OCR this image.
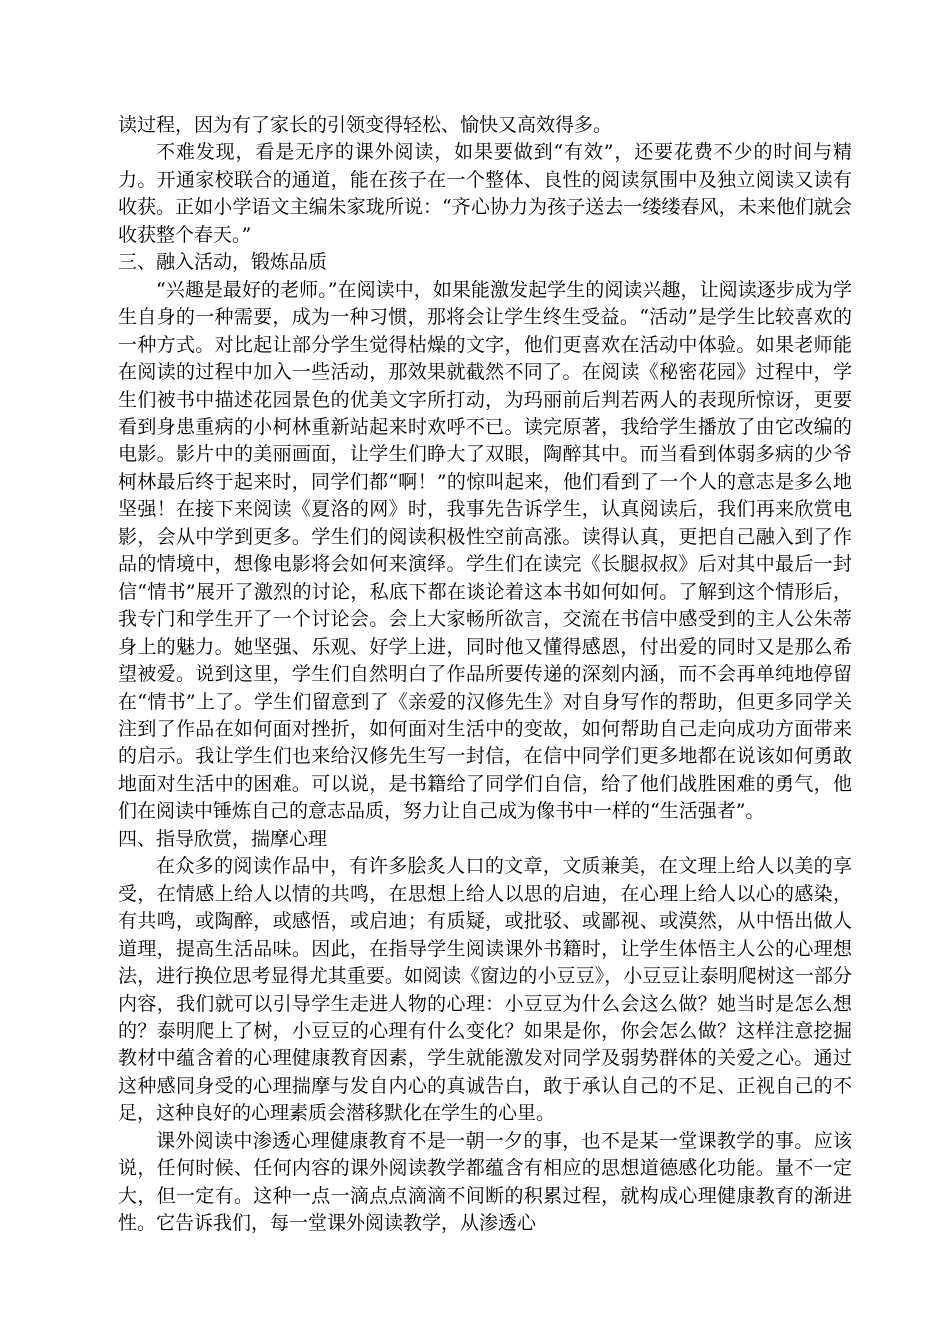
读过程，因为有了家长的引领变得轻松、愉快又高效得多。

不难发现，看是无序的课外阅读，如果要做到“有效”，还要花费不少的时间与精力。开通家校联合的通道，能在孩子在一个整体、良性的阅读氛围中及独立阅读又读有收获。正如小学语文主编朱家珑所说：“齐心协力为孩子送去一缕缕春风，未来他们就会收获整个春天。”

三、融入活动，锻炼品质

“兴趣是最好的老师。”在阅读中，如果能激发起学生的阅读兴趣，让阅读逐步成为学生自身的一种需要，成为一种习惯，那将会让学生终生受益。“活动”是学生比较喜欢的一种方式。对比起让部分学生觉得枯燥的文字，他们更喜欢在活动中体验。如果老师能在阅读的过程中加入一些活动，那效果就截然不同了。在阅读《秘密花园》过程中，学生们被书中描述花园景色的优美文字所打动，为玛丽前后判若两人的表现所惊讶，更要看到身患重病的小柯林重新站起来时欢呼不已。读完原著，我给学生播放了由它改编的电影。影片中的美丽画面，让学生们睁大了双眼，陶醉其中。而当看到体弱多病的少爷柯林最后终于起来时，同学们都“啊！”的惊叫起来，他们看到了一个人的意志是多么地坚强！在接下来阅读《夏洛的网》时，我事先告诉学生，认真阅读后，我们再来欣赏电影，会从中学到更多。学生们的阅读积极性空前高涨。读得认真，更把自己融入到了作品的情境中，想像电影将会如何来演绎。学生们在读完《长腿叔叔》后对其中最后一封信“情书”展开了激烈的讨论，私底下都在谈论着这本书如何如何。了解到这个情形后，我专门和学生开了一个讨论会。会上大家畅所欲言，交流在书信中感受到的主人公朱蒂身上的魅力。她坚强、乐观、好学上进，同时他又懂得感恩，付出爱的同时又是那么希望被爱。说到这里，学生们自然明白了作品所要传递的深刻内涵，而不会再单纯地停留在“情书”上了。学生们留意到了《亲爱的汉修先生》对自身写作的帮助，但更多同学关注到了作品在如何面对挫折，如何面对生活中的变故，如何帮助自己走向成功方面带来的启示。我让学生们也来给汉修先生写一封信，在信中同学们更多地都在说该如何勇敢地面对生活中的困难。可以说，是书籍给了同学们自信，给了他们战胜困难的勇气，他们在阅读中锤炼自己的意志品质，努力让自己成为像书中一样的“生活强者”。

四、指导欣赏，揣摩心理

在众多的阅读作品中，有许多脍炙人口的文章，文质兼美，在文理上给人以美的享受，在情感上给人以情的共鸣，在思想上给人以思的启迪，在心理上给人以心的感染，有共鸣，或陶醉，或感悟，或启迪；有质疑，或批驳、或鄙视、或漠然，从中悟出做人道理，提高生活品味。因此，在指导学生阅读课外书籍时，让学生体悟主人公的心理想法，进行换位思考显得尤其重要。如阅读《窗边的小豆豆》，小豆豆让泰明爬树这一部分内容，我们就可以引导学生走进人物的心理：小豆豆为什么会这么做？她当时是怎么想的？泰明爬上了树，小豆豆的心理有什么变化？如果是你，你会怎么做？这样注意挖掘教材中蕴含着的心理健康教育因素，学生就能激发对同学及弱势群体的关爱之心。通过这种感同身受的心理揣摩与发自内心的真诚告白，敢于承认自己的不足、正视自己的不足，这种良好的心理素质会潜移默化在学生的心里。

课外阅读中渗透心理健康教育不是一朝一夕的事，也不是某一堂课教学的事。应该说，任何时候、任何内容的课外阅读教学都蕴含有相应的思想道德感化功能。量不一定大，但一定有。这种一点一滴点点滴滴不间断的积累过程，就构成心理健康教育的渐进性。它告诉我们，每一堂课外阅读教学，从渗透心
